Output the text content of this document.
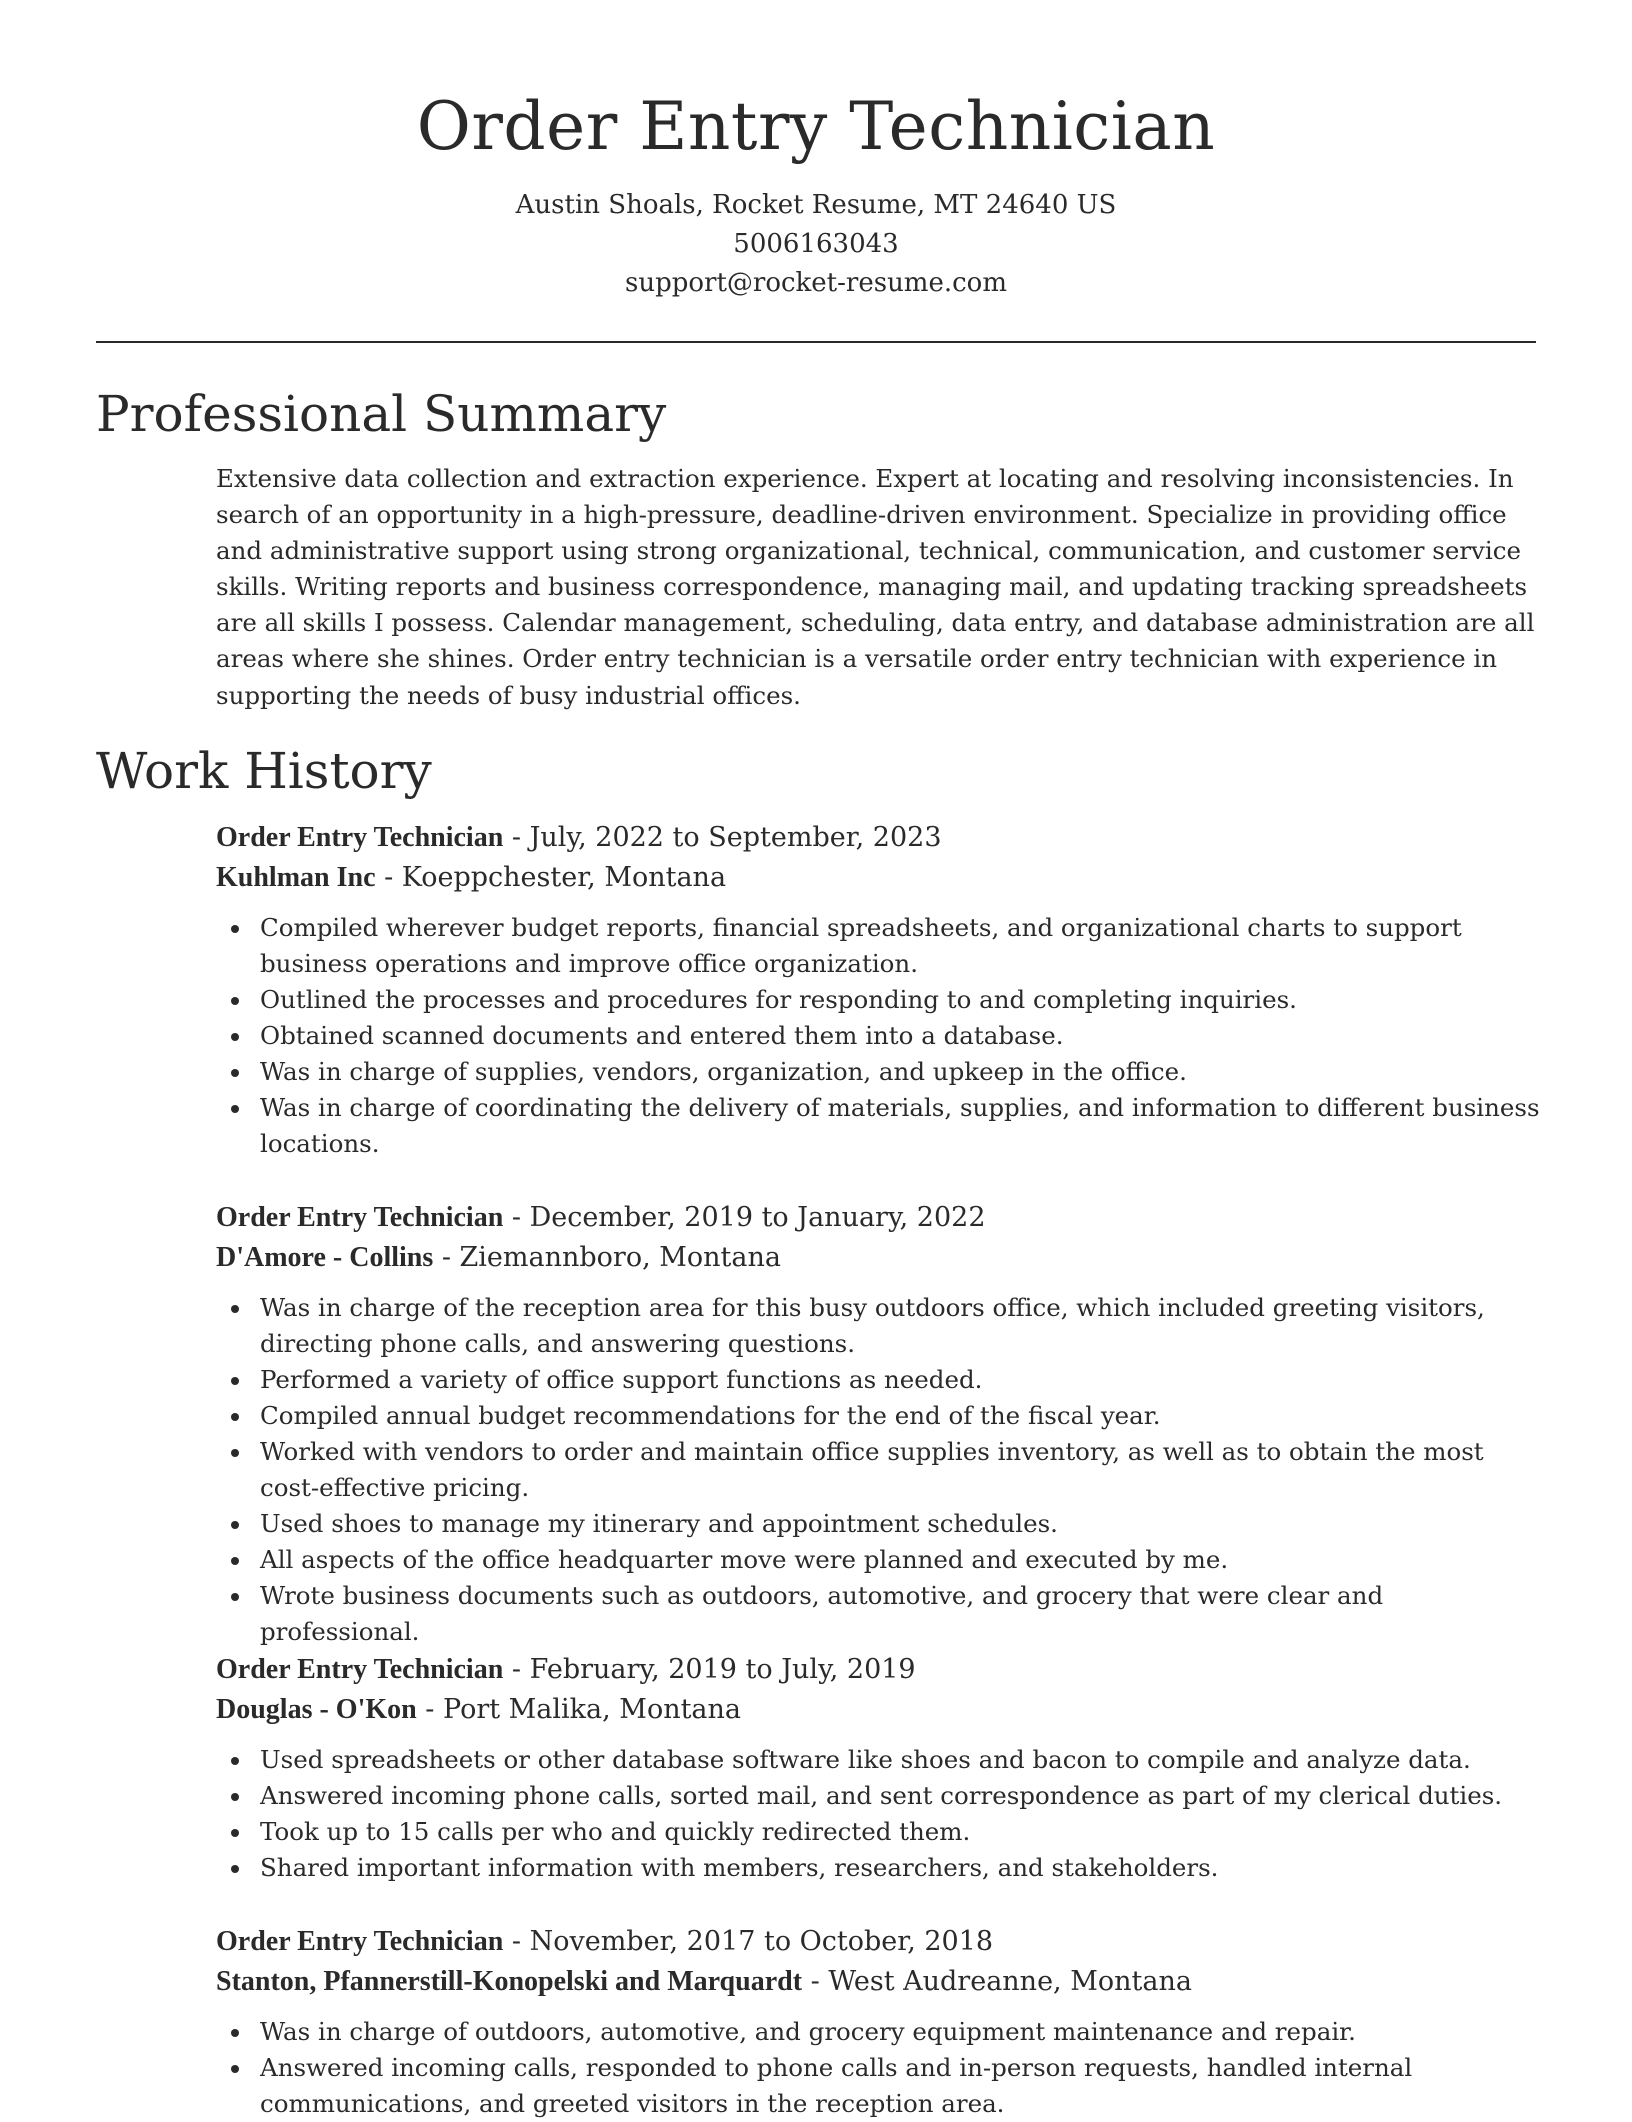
Order Entry Technician
Austin Shoals, Rocket Resume, MT 24640 US
5006163043
support@rocket-resume.com
Professional Summary

Extensive data collection and extraction experience. Expert at locating and resolving inconsistencies. In search of an opportunity in a high-pressure, deadline-driven environment. Specialize in providing office and administrative support using strong organizational, technical, communication, and customer service skills. Writing reports and business correspondence, managing mail, and updating tracking spreadsheets are all skills I possess. Calendar management, scheduling, data entry, and database administration are all areas where she shines. Order entry technician is a versatile order entry technician with experience in supporting the needs of busy industrial offices.

Work History
Order Entry Technician - July, 2022 to September, 2023
Kuhlman Inc - Koeppchester, Montana
Compiled wherever budget reports, financial spreadsheets, and organizational charts to support business operations and improve office organization.
Outlined the processes and procedures for responding to and completing inquiries.
Obtained scanned documents and entered them into a database.
Was in charge of supplies, vendors, organization, and upkeep in the office.
Was in charge of coordinating the delivery of materials, supplies, and information to different business locations.
Order Entry Technician - December, 2019 to January, 2022
D'Amore - Collins - Ziemannboro, Montana
Was in charge of the reception area for this busy outdoors office, which included greeting visitors, directing phone calls, and answering questions.
Performed a variety of office support functions as needed.
Compiled annual budget recommendations for the end of the fiscal year.
Worked with vendors to order and maintain office supplies inventory, as well as to obtain the most cost-effective pricing.
Used shoes to manage my itinerary and appointment schedules.
All aspects of the office headquarter move were planned and executed by me.
Wrote business documents such as outdoors, automotive, and grocery that were clear and professional.
Order Entry Technician - February, 2019 to July, 2019
Douglas - O'Kon - Port Malika, Montana
Used spreadsheets or other database software like shoes and bacon to compile and analyze data.
Answered incoming phone calls, sorted mail, and sent correspondence as part of my clerical duties.
Took up to 15 calls per who and quickly redirected them.
Shared important information with members, researchers, and stakeholders.
Order Entry Technician - November, 2017 to October, 2018
Stanton, Pfannerstill-Konopelski and Marquardt - West Audreanne, Montana
Was in charge of outdoors, automotive, and grocery equipment maintenance and repair.
Answered incoming calls, responded to phone calls and in-person requests, handled internal communications, and greeted visitors in the reception area.
